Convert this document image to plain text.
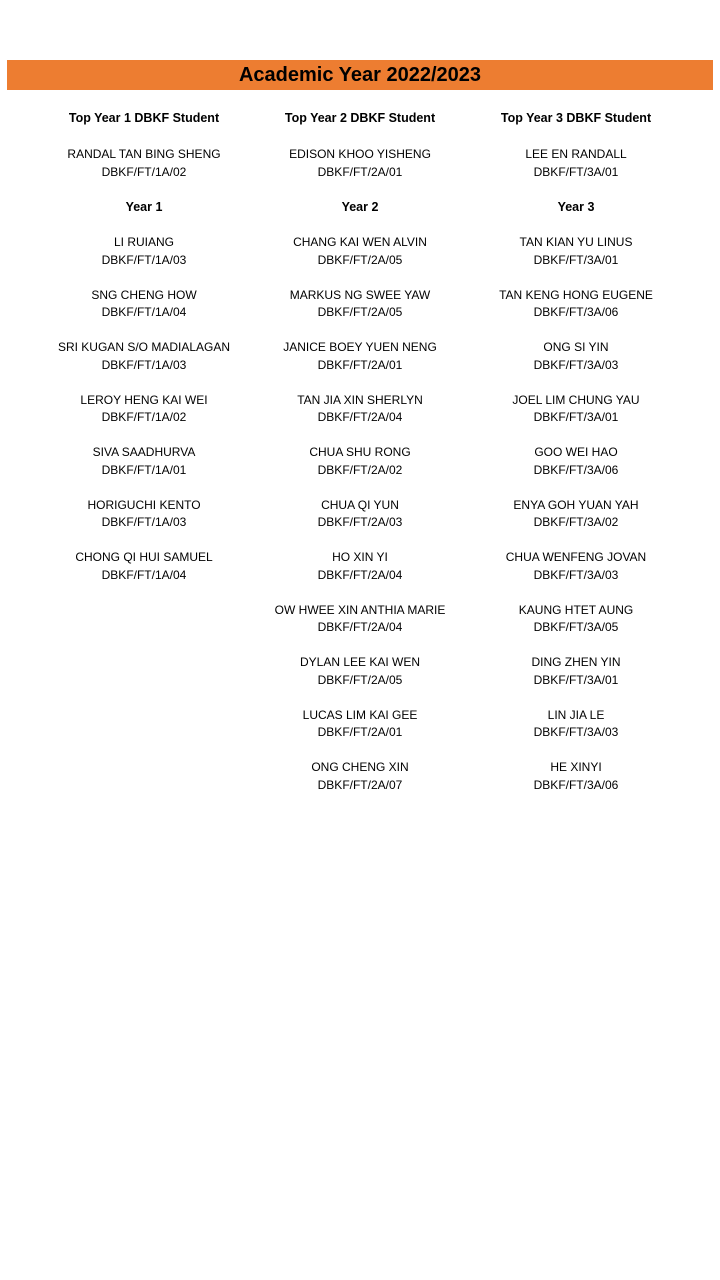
Academic Year 2022/2023
Top Year 1 DBKF Student
RANDAL TAN BING SHENG
DBKF/FT/1A/02
Year 1
LI RUIANG
DBKF/FT/1A/03
SNG CHENG HOW
DBKF/FT/1A/04
SRI KUGAN S/O MADIALAGAN
DBKF/FT/1A/03
LEROY HENG KAI WEI
DBKF/FT/1A/02
SIVA SAADHURVA
DBKF/FT/1A/01
HORIGUCHI KENTO
DBKF/FT/1A/03
CHONG QI HUI SAMUEL
DBKF/FT/1A/04
Top Year 2 DBKF Student
EDISON KHOO YISHENG
DBKF/FT/2A/01
Year 2
CHANG KAI WEN ALVIN
DBKF/FT/2A/05
MARKUS NG SWEE YAW
DBKF/FT/2A/05
JANICE BOEY YUEN NENG
DBKF/FT/2A/01
TAN JIA XIN SHERLYN
DBKF/FT/2A/04
CHUA SHU RONG
DBKF/FT/2A/02
CHUA QI YUN
DBKF/FT/2A/03
HO XIN YI
DBKF/FT/2A/04
OW HWEE XIN ANTHIA MARIE
DBKF/FT/2A/04
DYLAN LEE KAI WEN
DBKF/FT/2A/05
LUCAS LIM KAI GEE
DBKF/FT/2A/01
ONG CHENG XIN
DBKF/FT/2A/07
Top Year 3 DBKF Student
LEE EN RANDALL
DBKF/FT/3A/01
Year 3
TAN KIAN YU LINUS
DBKF/FT/3A/01
TAN KENG HONG EUGENE
DBKF/FT/3A/06
ONG SI YIN
DBKF/FT/3A/03
JOEL LIM CHUNG YAU
DBKF/FT/3A/01
GOO WEI HAO
DBKF/FT/3A/06
ENYA GOH YUAN YAH
DBKF/FT/3A/02
CHUA WENFENG JOVAN
DBKF/FT/3A/03
KAUNG HTET AUNG
DBKF/FT/3A/05
DING ZHEN YIN
DBKF/FT/3A/01
LIN JIA LE
DBKF/FT/3A/03
HE XINYI
DBKF/FT/3A/06
